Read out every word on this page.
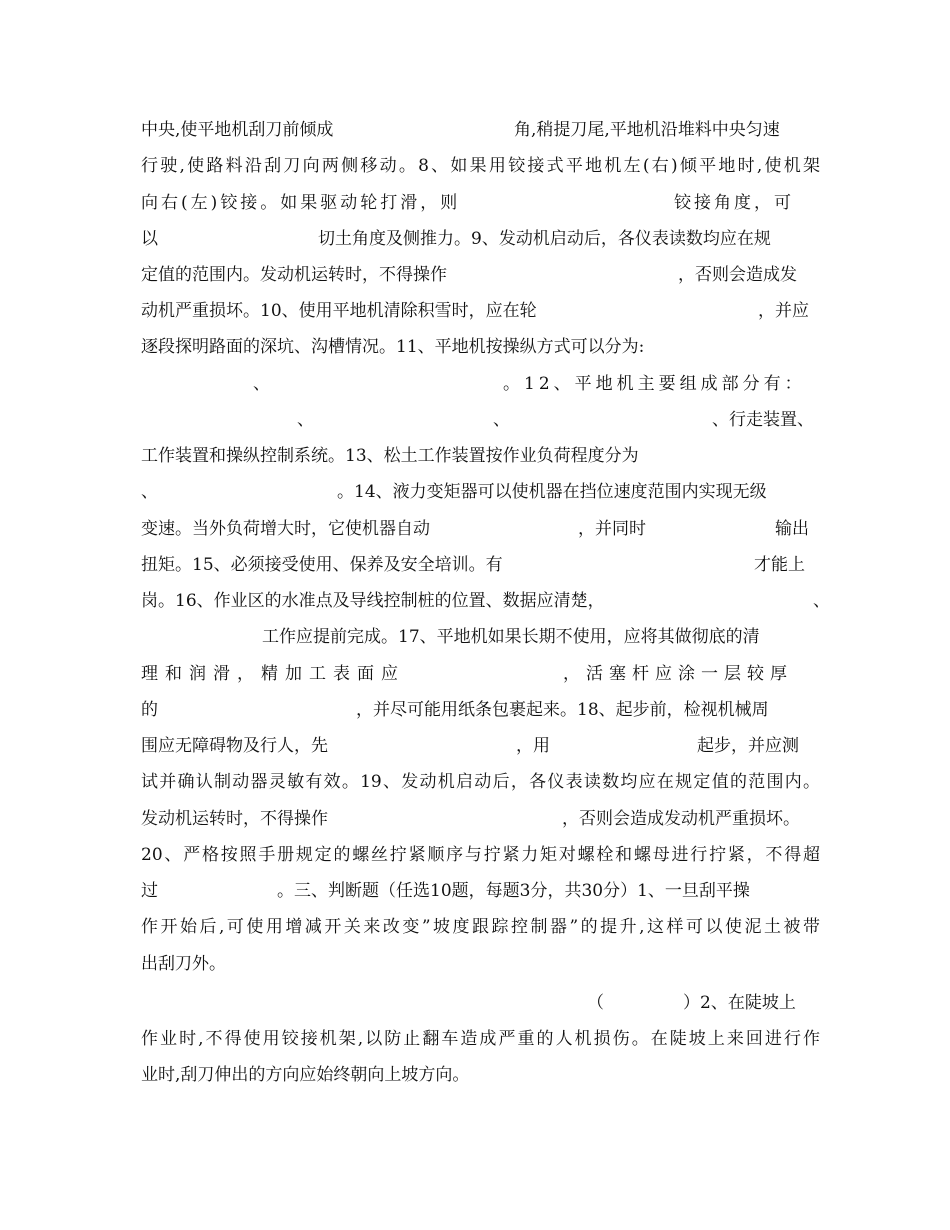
中央,使平地机刮刀前倾成	角,稍提刀尾,平地机沿堆料中央匀速
行驶,使路料沿刮刀向两侧移动。8、如果用铰接式平地机左(右)倾平地时,使机架
向右(左)铰接。如果驱动轮打滑，则	铰接角度，可
以	切土角度及侧推力。9、发动机启动后，各仪表读数均应在规
定值的范围内。发动机运转时，不得操作	，否则会造成发
动机严重损坏。10、使用平地机清除积雪时，应在轮	，并应
逐段探明路面的深坑、沟槽情况。11、平地机按操纵方式可以分为:
、	。12、平地机主要组成部分有：
、	、	、行走装置、
工作装置和操纵控制系统。13、松土工作装置按作业负荷程度分为
、	。14、液力变矩器可以使机器在挡位速度范围内实现无级
变速。当外负荷增大时，它使机器自动	，并同时	输出
扭矩。15、必须接受使用、保养及安全培训。有	才能上
岗。16、作业区的水准点及导线控制桩的位置、数据应清楚，	、
工作应提前完成。17、平地机如果长期不使用，应将其做彻底的清
理和润滑，精加工表面应	，活塞杆应涂一层较厚
的	，并尽可能用纸条包裹起来。18、起步前，检视机械周
围应无障碍物及行人，先	，用	起步，并应测
试并确认制动器灵敏有效。19、发动机启动后，各仪表读数均应在规定值的范围内。
发动机运转时，不得操作	，否则会造成发动机严重损坏。
20、严格按照手册规定的螺丝拧紧顺序与拧紧力矩对螺栓和螺母进行拧紧，不得超
过	。三、判断题（任选10题，每题3分，共30分）1、一旦刮平操
作开始后,可使用增减开关来改变”坡度跟踪控制器”的提升,这样可以使泥土被带
出刮刀外。
（	）2、在陡坡上
作业时,不得使用铰接机架,以防止翻车造成严重的人机损伤。在陡坡上来回进行作
业时,刮刀伸出的方向应始终朝向上坡方向。
